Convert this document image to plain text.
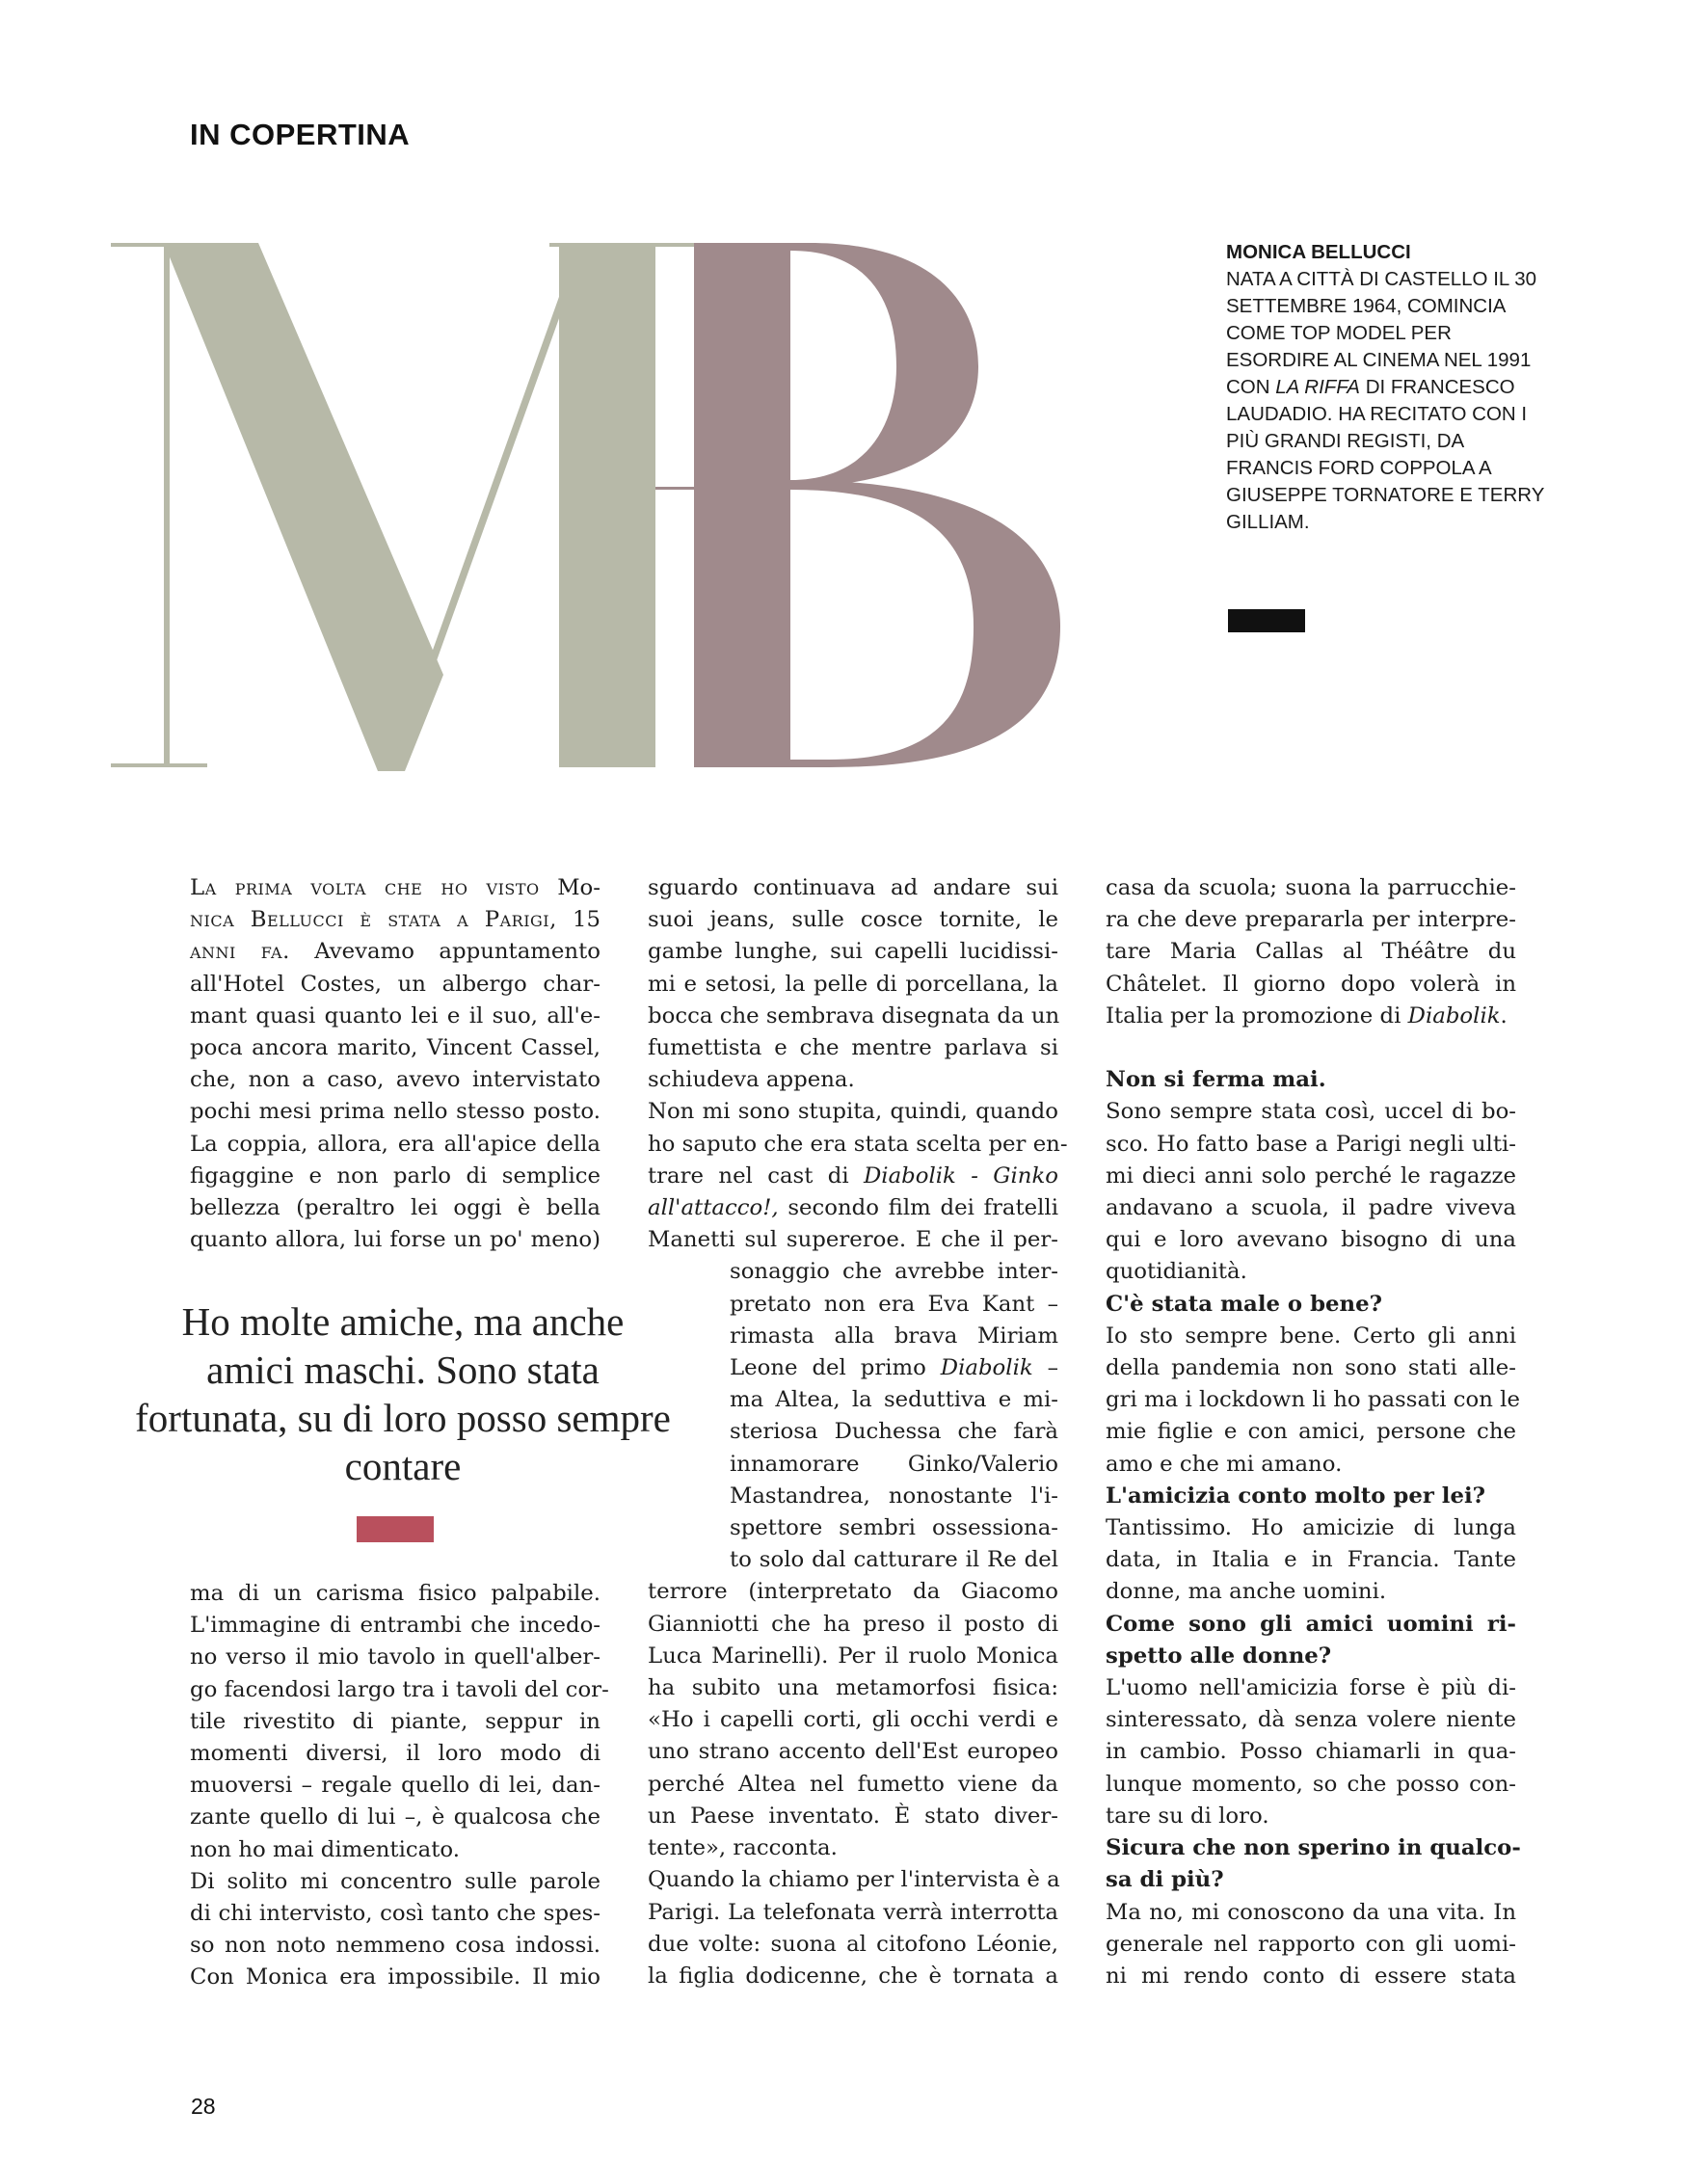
IN COPERTINA
MONICA BELLUCCI
NATA A CITTÀ DI CASTELLO IL 30 SETTEMBRE 1964, COMINCIA COME TOP MODEL PER ESORDIRE AL CINEMA NEL 1991 CON LA RIFFA DI FRANCESCO LAUDADIO. HA RECITATO CON I PIÙ GRANDI REGISTI, DA FRANCIS FORD COPPOLA A GIUSEPPE TORNATORE E TERRY GILLIAM.
La prima volta che ho visto Mo-
nica Bellucci è stata a Parigi, 15
anni fa. Avevamo appuntamento
all'Hotel Costes, un albergo char-
mant quasi quanto lei e il suo, all'e-
poca ancora marito, Vincent Cassel,
che, non a caso, avevo intervistato
pochi mesi prima nello stesso posto.
La coppia, allora, era all'apice della
figaggine e non parlo di semplice
bellezza (peraltro lei oggi è bella
quanto allora, lui forse un po' meno)
Ho molte amiche, ma anche amici maschi. Sono stata fortunata, su di loro posso sempre contare
ma di un carisma fisico palpabile.
L'immagine di entrambi che incedo-
no verso il mio tavolo in quell'alber-
go facendosi largo tra i tavoli del cor-
tile rivestito di piante, seppur in
momenti diversi, il loro modo di
muoversi – regale quello di lei, dan-
zante quello di lui –, è qualcosa che
non ho mai dimenticato.
Di solito mi concentro sulle parole
di chi intervisto, così tanto che spes-
so non noto nemmeno cosa indossi.
Con Monica era impossibile. Il mio
sguardo continuava ad andare sui
suoi jeans, sulle cosce tornite, le
gambe lunghe, sui capelli lucidissi-
mi e setosi, la pelle di porcellana, la
bocca che sembrava disegnata da un
fumettista e che mentre parlava si
schiudeva appena.
Non mi sono stupita, quindi, quando
ho saputo che era stata scelta per en-
trare nel cast di Diabolik - Ginko
all'attacco!, secondo film dei fratelli
Manetti sul supereroe. E che il per-
sonaggio che avrebbe inter-
pretato non era Eva Kant –
rimasta alla brava Miriam
Leone del primo Diabolik –
ma Altea, la seduttiva e mi-
steriosa Duchessa che farà
innamorare Ginko/Valerio
Mastandrea, nonostante l'i-
spettore sembri ossessiona-
to solo dal catturare il Re del
terrore (interpretato da Giacomo
Gianniotti che ha preso il posto di
Luca Marinelli). Per il ruolo Monica
ha subito una metamorfosi fisica:
«Ho i capelli corti, gli occhi verdi e
uno strano accento dell'Est europeo
perché Altea nel fumetto viene da
un Paese inventato. È stato diver-
tente», racconta.
Quando la chiamo per l'intervista è a
Parigi. La telefonata verrà interrotta
due volte: suona al citofono Léonie,
la figlia dodicenne, che è tornata a
casa da scuola; suona la parrucchie-
ra che deve prepararla per interpre-
tare Maria Callas al Théâtre du
Châtelet. Il giorno dopo volerà in
Italia per la promozione di Diabolik.

Non si ferma mai.
Sono sempre stata così, uccel di bo-
sco. Ho fatto base a Parigi negli ulti-
mi dieci anni solo perché le ragazze
andavano a scuola, il padre viveva
qui e loro avevano bisogno di una
quotidianità.
C'è stata male o bene?
Io sto sempre bene. Certo gli anni
della pandemia non sono stati alle-
gri ma i lockdown li ho passati con le
mie figlie e con amici, persone che
amo e che mi amano.
L'amicizia conto molto per lei?
Tantissimo. Ho amicizie di lunga
data, in Italia e in Francia. Tante
donne, ma anche uomini.
Come sono gli amici uomini ri-
spetto alle donne?
L'uomo nell'amicizia forse è più di-
sinteressato, dà senza volere niente
in cambio. Posso chiamarli in qua-
lunque momento, so che posso con-
tare su di loro.
Sicura che non sperino in qualco-
sa di più?
Ma no, mi conoscono da una vita. In
generale nel rapporto con gli uomi-
ni mi rendo conto di essere stata
28
